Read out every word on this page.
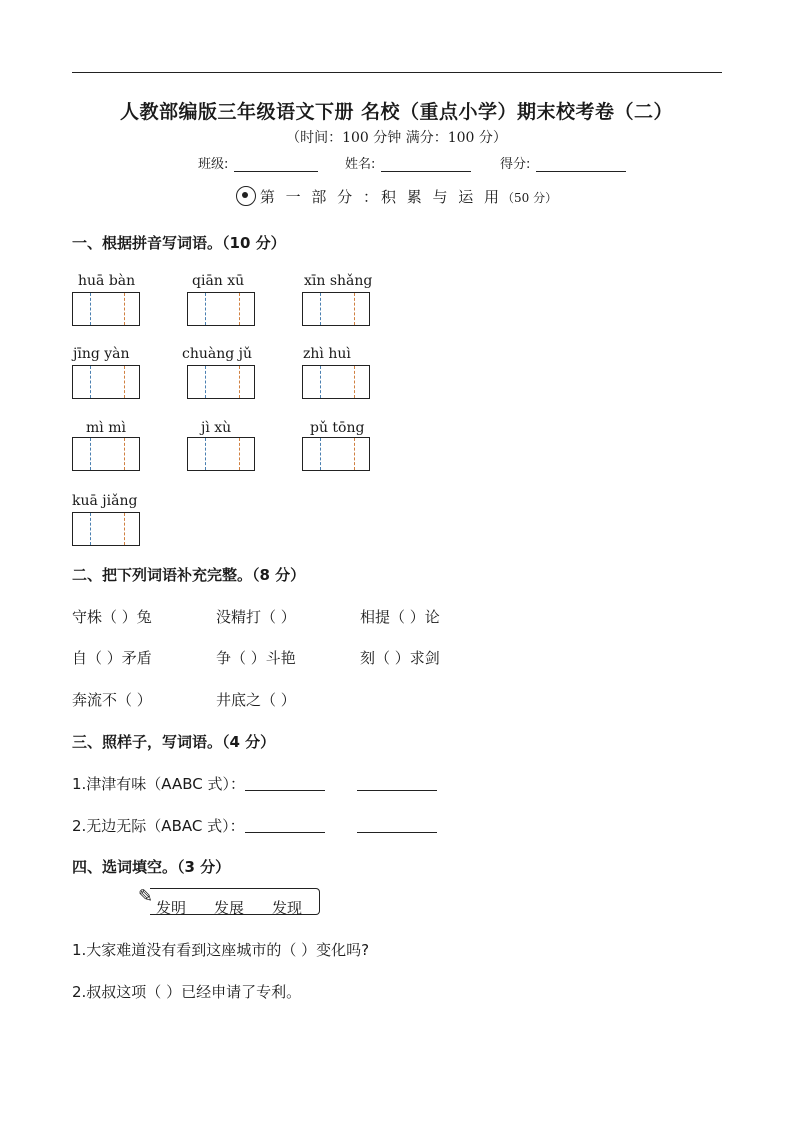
人教部编版三年级语文下册 名校（重点小学）期末校考卷（二）
（时间：100 分钟 满分：100 分）
班级:	姓名:	得分:
第 一 部 分 ：积 累 与 运 用（50 分）
一、根据拼音写词语。（10 分）
huā bàn	qiān xū	xīn shǎng
jīng yàn	chuàng jǔ	zhì huì
mì mì	jì xù	pǔ tōng
kuā jiǎng
二、把下列词语补充完整。（8 分）
守株（ ）兔	没精打（ ）	相提（ ）论
自（ ）矛盾	争（ ）斗艳	刻（ ）求剑
奔流不（ ）	井底之（ ）
三、照样子，写词语。（4 分）
1.津津有味（AABC 式）：
2.无边无际（ABAC 式）：
四、选词填空。（3 分）
✎
发明 发展 发现
1.大家难道没有看到这座城市的（ ）变化吗?
2.叔叔这项（ ）已经申请了专利。
